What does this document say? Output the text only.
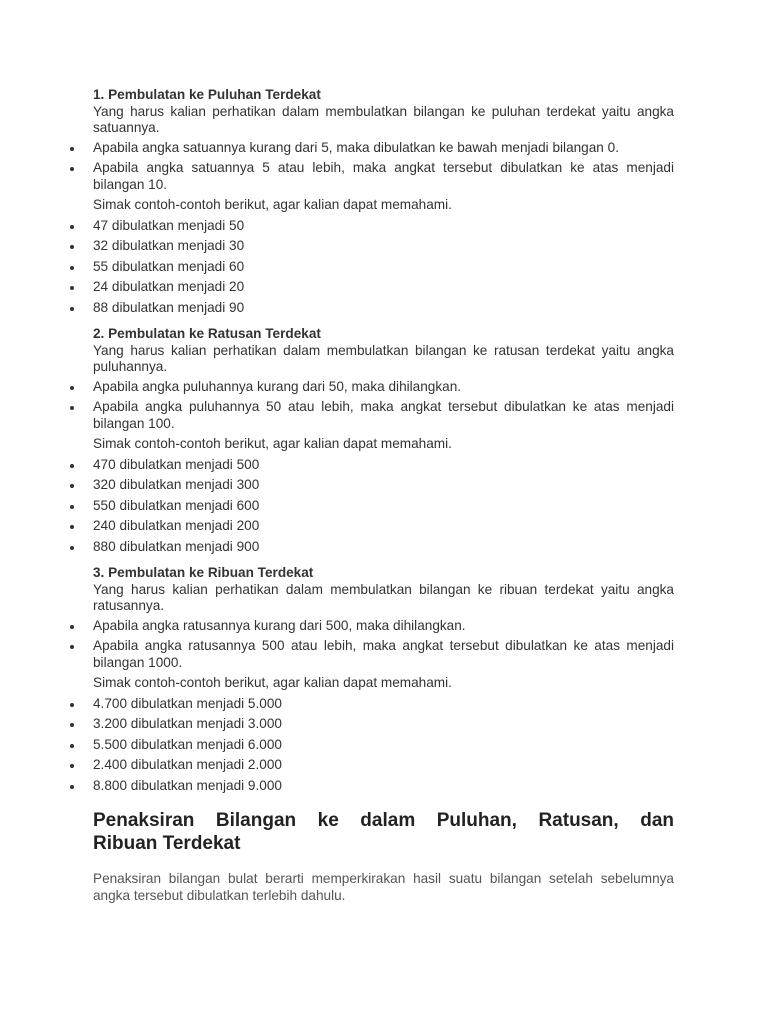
1. Pembulatan ke Puluhan Terdekat

Yang harus kalian perhatikan dalam membulatkan bilangan ke puluhan terdekat yaitu angka satuannya.

Apabila angka satuannya kurang dari 5, maka dibulatkan ke bawah menjadi bilangan 0.
Apabila angka satuannya 5 atau lebih, maka angkat tersebut dibulatkan ke atas menjadi bilangan 10.

Simak contoh-contoh berikut, agar kalian dapat memahami.

47 dibulatkan menjadi 50
32 dibulatkan menjadi 30
55 dibulatkan menjadi 60
24 dibulatkan menjadi 20
88 dibulatkan menjadi 90

2. Pembulatan ke Ratusan Terdekat

Yang harus kalian perhatikan dalam membulatkan bilangan ke ratusan terdekat yaitu angka puluhannya.

Apabila angka puluhannya kurang dari 50, maka dihilangkan.
Apabila angka puluhannya 50 atau lebih, maka angkat tersebut dibulatkan ke atas menjadi bilangan 100.

Simak contoh-contoh berikut, agar kalian dapat memahami.

470 dibulatkan menjadi 500
320 dibulatkan menjadi 300
550 dibulatkan menjadi 600
240 dibulatkan menjadi 200
880 dibulatkan menjadi 900

3. Pembulatan ke Ribuan Terdekat

Yang harus kalian perhatikan dalam membulatkan bilangan ke ribuan terdekat yaitu angka ratusannya.

Apabila angka ratusannya kurang dari 500, maka dihilangkan.
Apabila angka ratusannya 500 atau lebih, maka angkat tersebut dibulatkan ke atas menjadi bilangan 1000.

Simak contoh-contoh berikut, agar kalian dapat memahami.

4.700 dibulatkan menjadi 5.000
3.200 dibulatkan menjadi 3.000
5.500 dibulatkan menjadi 6.000
2.400 dibulatkan menjadi 2.000
8.800 dibulatkan menjadi 9.000
Penaksiran Bilangan ke dalam Puluhan, Ratusan, dan
Ribuan Terdekat

Penaksiran bilangan bulat berarti memperkirakan hasil suatu bilangan setelah sebelumnya angka tersebut dibulatkan terlebih dahulu.
